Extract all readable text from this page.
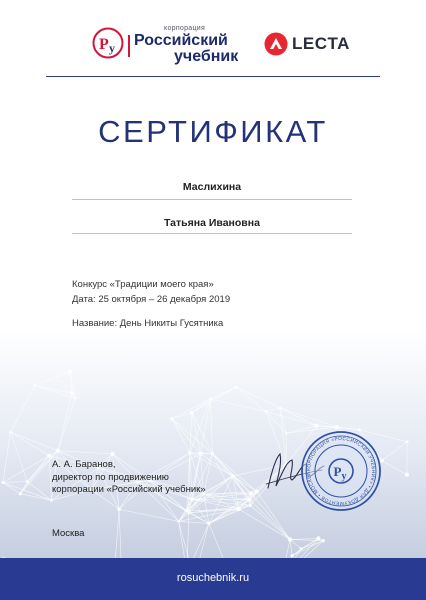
Р у
корпорация
Российский
учебник
LECTA
СЕРТИФИКАТ
Маслихина
Татьяна Ивановна
Конкурс «Традиции моего края»
Дата: 25 октября – 26 декабря 2019
Название: День Никиты Гусятника
А. А. Баранов,
директор по продвижению
корпорации «Российский учебник»
КОРПОРАЦИЯ «РОССИЙСКИЙ УЧЕБНИК» • ДЛЯ ДОКУМЕНТОВ • МОСКВА	Р у
Москва
rosuchebnik.ru
